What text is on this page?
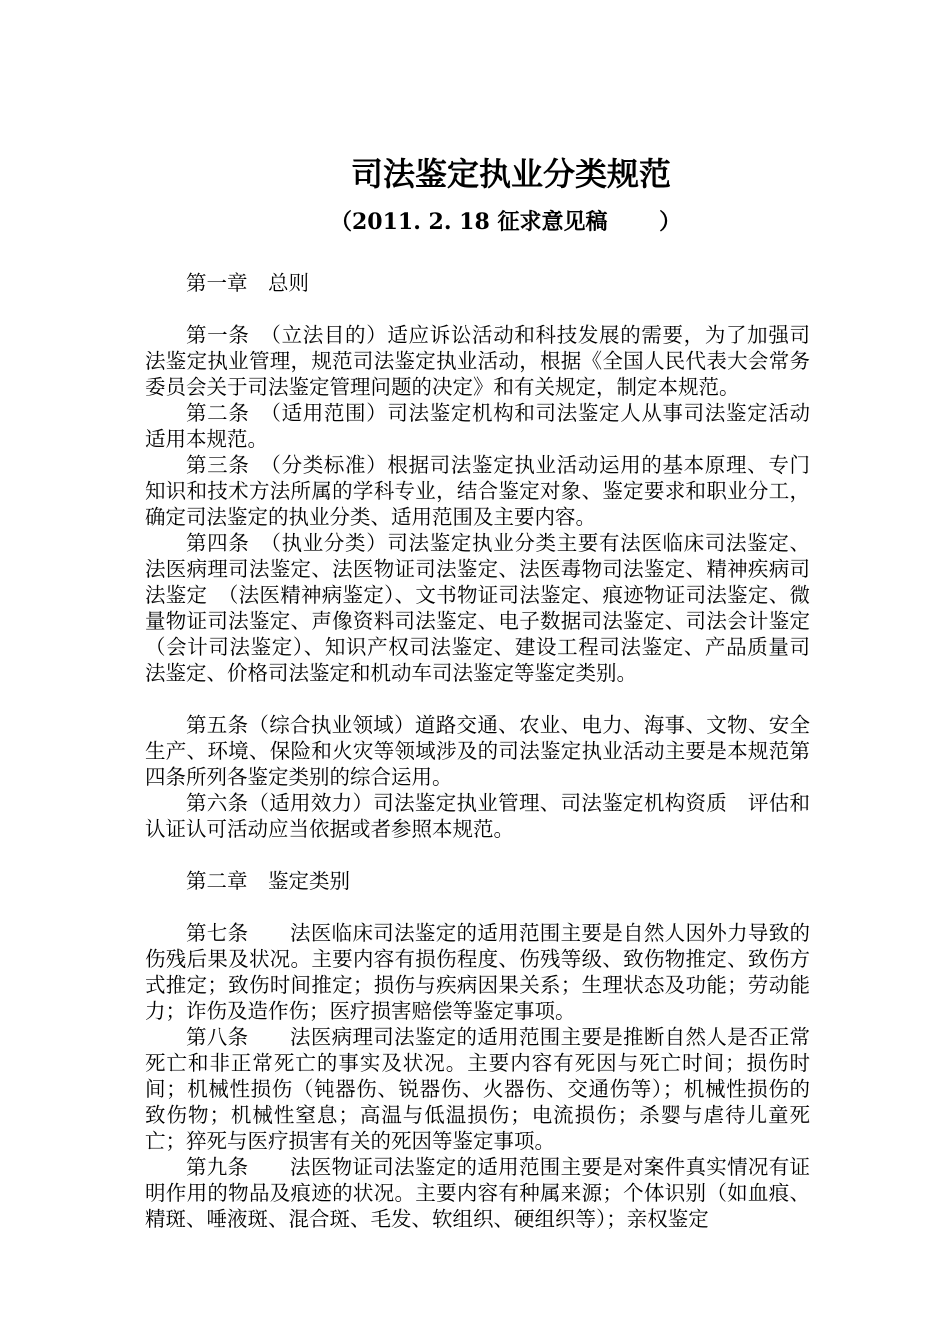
司法鉴定执业分类规范
（2011. 2. 18 征求意见稿　　 ）

第一章　总则

第一条　（立法目的）适应诉讼活动和科技发展的需要，为了加强司法鉴定执业管理，规范司法鉴定执业活动，根据《全国人民代表大会常务委员会关于司法鉴定管理问题的决定》和有关规定，制定本规范。

第二条　（适用范围）司法鉴定机构和司法鉴定人从事司法鉴定活动适用本规范。

第三条　（分类标准）根据司法鉴定执业活动运用的基本原理、专门知识和技术方法所属的学科专业，结合鉴定对象、鉴定要求和职业分工，确定司法鉴定的执业分类、适用范围及主要内容。

第四条　（执业分类）司法鉴定执业分类主要有法医临床司法鉴定、法医病理司法鉴定、法医物证司法鉴定、法医毒物司法鉴定、精神疾病司法鉴定　（法医精神病鉴定）、文书物证司法鉴定、痕迹物证司法鉴定、微量物证司法鉴定、声像资料司法鉴定、电子数据司法鉴定、司法会计鉴定（会计司法鉴定）、知识产权司法鉴定、建设工程司法鉴定、产品质量司法鉴定、价格司法鉴定和机动车司法鉴定等鉴定类别。

第五条（综合执业领域）道路交通、农业、电力、海事、文物、安全生产、环境、保险和火灾等领域涉及的司法鉴定执业活动主要是本规范第四条所列各鉴定类别的综合运用。

第六条（适用效力）司法鉴定执业管理、司法鉴定机构资质　评估和认证认可活动应当依据或者参照本规范。

第二章　鉴定类别

第七条　　法医临床司法鉴定的适用范围主要是自然人因外力导致的伤残后果及状况。主要内容有损伤程度、伤残等级、致伤物推定、致伤方式推定；致伤时间推定；损伤与疾病因果关系；生理状态及功能；劳动能力；诈伤及造作伤；医疗损害赔偿等鉴定事项。

第八条　　法医病理司法鉴定的适用范围主要是推断自然人是否正常死亡和非正常死亡的事实及状况。主要内容有死因与死亡时间；损伤时间；机械性损伤（钝器伤、锐器伤、火器伤、交通伤等）；机械性损伤的致伤物；机械性窒息；高温与低温损伤；电流损伤；杀婴与虐待儿童死亡；猝死与医疗损害有关的死因等鉴定事项。

第九条　　法医物证司法鉴定的适用范围主要是对案件真实情况有证明作用的物品及痕迹的状况。主要内容有种属来源；个体识别（如血痕、精斑、唾液斑、混合斑、毛发、软组织、硬组织等）；亲权鉴定
